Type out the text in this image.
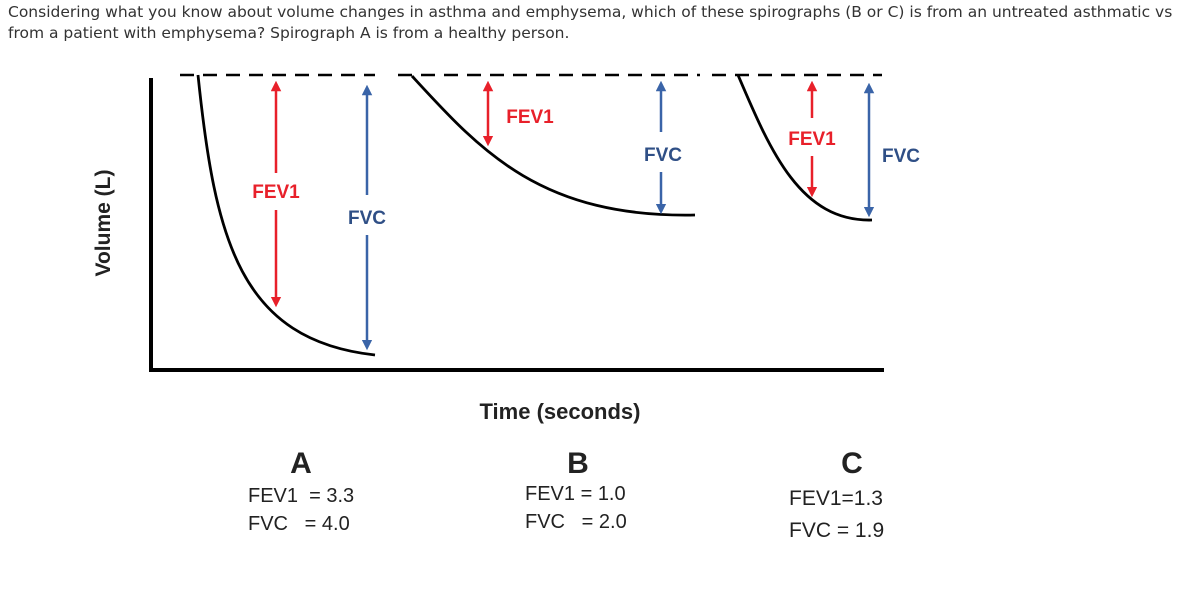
Considering what you know about volume changes in asthma and emphysema, which of these spirographs (B or C) is from an untreated asthmatic vs from a patient with emphysema? Spirograph A is from a healthy person.
FEV1
FVC
FEV1
FVC
FEV1
FVC
Volume (L)
Time (seconds)
A	B	C
FEV1  = 3.3
FVC   = 4.0
FEV1 = 1.0
FVC   = 2.0
FEV1=1.3
FVC = 1.9
